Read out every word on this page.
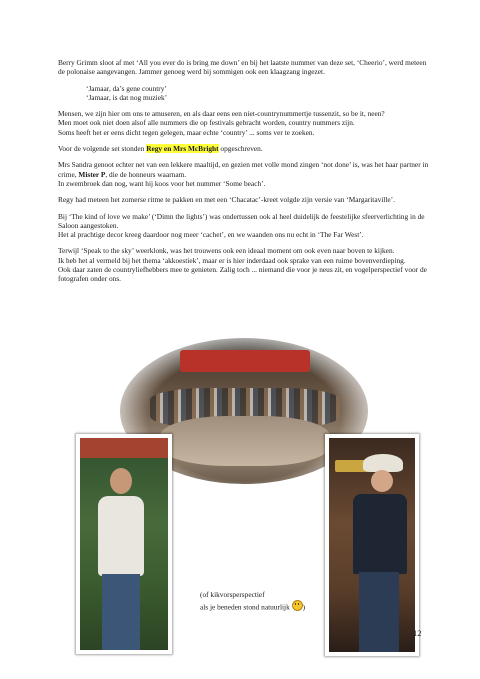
Berry Grimm sloot af met ‘All you ever do is bring me down’ en bij het laatste nummer van deze set, ‘Cheerio’, werd meteen de polonaise aangevangen. Jammer genoeg werd bij sommigen ook een klaagzang ingezet.

‘Jamaar, da’s gene country’
‘Jamaar, is dat nog muziek’

Mensen, we zijn hier om ons te amuseren, en als daar eens een niet-countrynummertje tussenzit, so be it, neen?
Men moet ook niet doen alsof alle nummers die op festivals gebracht worden, country nummers zijn.
Soms heeft het er eens dicht tegen gelegen, maar echte ‘country’ ... soms ver te zoeken.

Voor de volgende set stonden Regy en Mrs McBright opgeschreven.

Mrs Sandra genoot echter net van een lekkere maaltijd, en gezien met volle mond zingen ‘not done’ is, was het haar partner in crime, Mister P, die de honneurs waarnam.
In zwembroek dan nog, want hij koos voor het nummer ‘Some beach’.

Regy had meteen het zomerse ritme te pakken en met een ‘Chacatac’-kreet volgde zijn versie van ‘Margaritaville’.

Bij ‘The kind of love we make’ (‘Dimn the lights’) was ondertussen ook al heel duidelijk de feestelijke sfeerverlichting in de Saloon aangestoken.
Het al prachtige decor kreeg daardoor nog meer ‘cachet’, en we waanden ons nu echt in ‘The Far West’.

Terwijl ‘Speak to the sky’ weerklonk, was het trouwens ook een ideaal moment om ook even naar boven te kijken.
Ik heb het al vermeld bij het thema ‘akkoestiek’, maar er is hier inderdaad ook sprake van een ruime bovenverdieping.
Ook daar zaten de countryliefhebbers mee te genieten. Zalig toch ... niemand die voor je neus zit, en vogelperspectief voor de fotografen onder ons.

(of kikvorsperspectief
als je beneden stond natuurlijk )
12
